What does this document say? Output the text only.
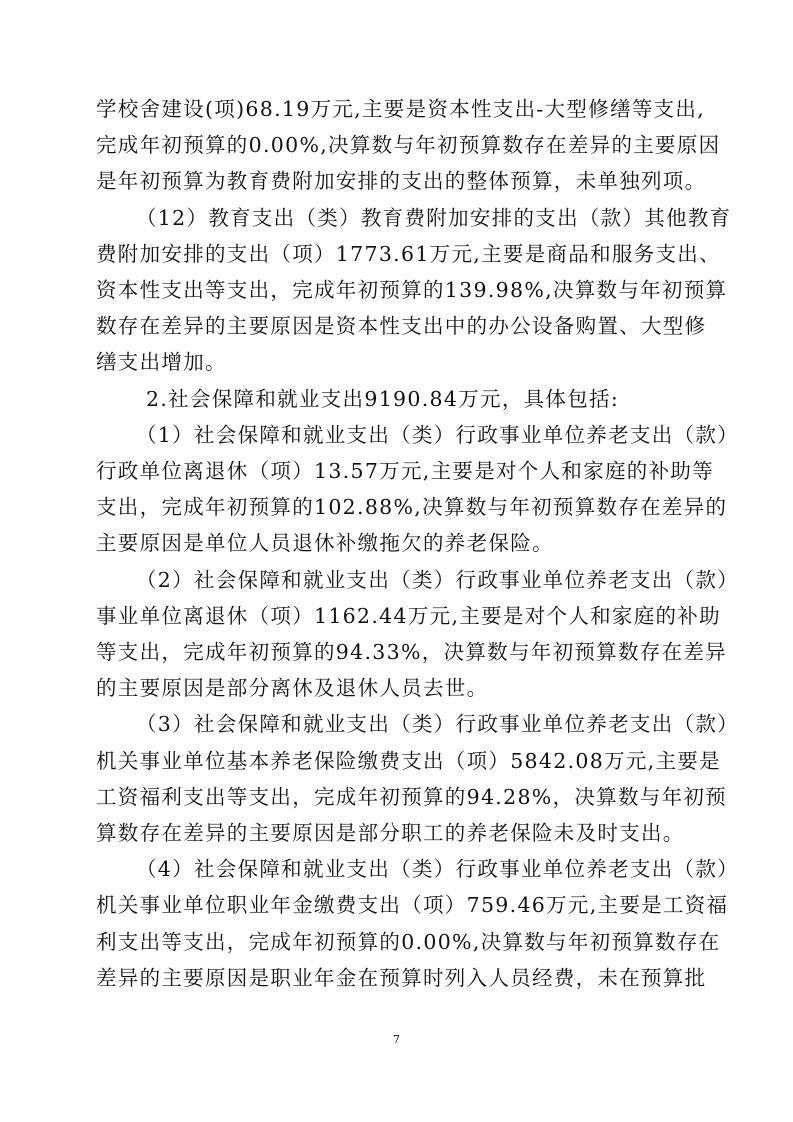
学校舍建设(项)68.19万元,主要是资本性支出-大型修缮等支出,
完成年初预算的0.00%,决算数与年初预算数存在差异的主要原因
是年初预算为教育费附加安排的支出的整体预算，未单独列项。
（12）教育支出（类）教育费附加安排的支出（款）其他教育
费附加安排的支出（项）1773.61万元,主要是商品和服务支出、
资本性支出等支出，完成年初预算的139.98%,决算数与年初预算
数存在差异的主要原因是资本性支出中的办公设备购置、大型修
缮支出增加。
2.社会保障和就业支出9190.84万元，具体包括:
（1）社会保障和就业支出（类）行政事业单位养老支出（款）
行政单位离退休（项）13.57万元,主要是对个人和家庭的补助等
支出，完成年初预算的102.88%,决算数与年初预算数存在差异的
主要原因是单位人员退休补缴拖欠的养老保险。
（2）社会保障和就业支出（类）行政事业单位养老支出（款）
事业单位离退休（项）1162.44万元,主要是对个人和家庭的补助
等支出，完成年初预算的94.33%，决算数与年初预算数存在差异
的主要原因是部分离休及退休人员去世。
（3）社会保障和就业支出（类）行政事业单位养老支出（款）
机关事业单位基本养老保险缴费支出（项）5842.08万元,主要是
工资福利支出等支出，完成年初预算的94.28%，决算数与年初预
算数存在差异的主要原因是部分职工的养老保险未及时支出。
（4）社会保障和就业支出（类）行政事业单位养老支出（款）
机关事业单位职业年金缴费支出（项）759.46万元,主要是工资福
利支出等支出，完成年初预算的0.00%,决算数与年初预算数存在
差异的主要原因是职业年金在预算时列入人员经费，未在预算批
7
